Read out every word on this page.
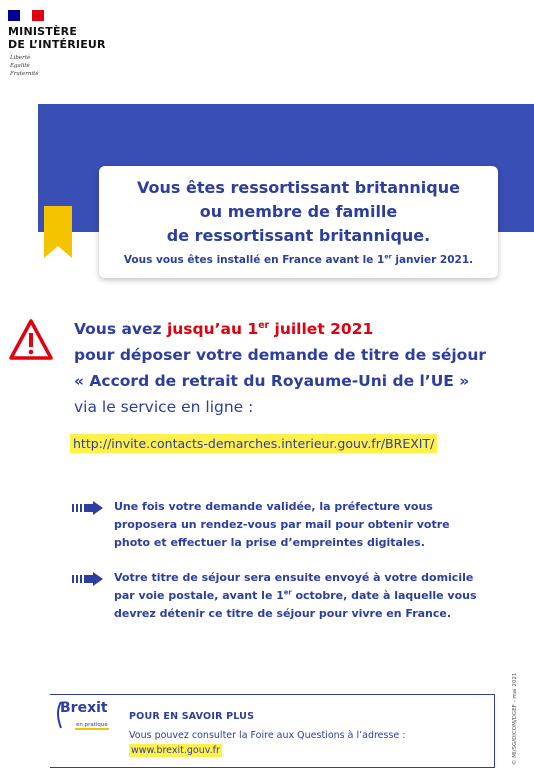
MINISTÈRE
DE L’INTÉRIEUR
Liberté
Égalité
Fraternité
Vous êtes ressortissant britannique
ou membre de famille
de ressortissant britannique.
Vous vous êtes installé en France avant le 1er janvier 2021.
Vous avez jusqu’au 1er juillet 2021
pour déposer votre demande de titre de séjour
« Accord de retrait du Royaume-Uni de l’UE »
via le service en ligne :
http://invite.contacts-demarches.interieur.gouv.fr/BREXIT/
Une fois votre demande validée, la préfecture vous proposera un rendez-vous par mail pour obtenir votre photo et effectuer la prise d’empreintes digitales.
Votre titre de séjour sera ensuite envoyé à votre domicile par voie postale, avant le 1er octobre, date à laquelle vous devrez détenir ce titre de séjour pour vivre en France.
© MI/SG/DICOM/DGEF - mai 2021
Brexit
en pratique
POUR EN SAVOIR PLUS
Vous pouvez consulter la Foire aux Questions à l’adresse :
www.brexit.gouv.fr
